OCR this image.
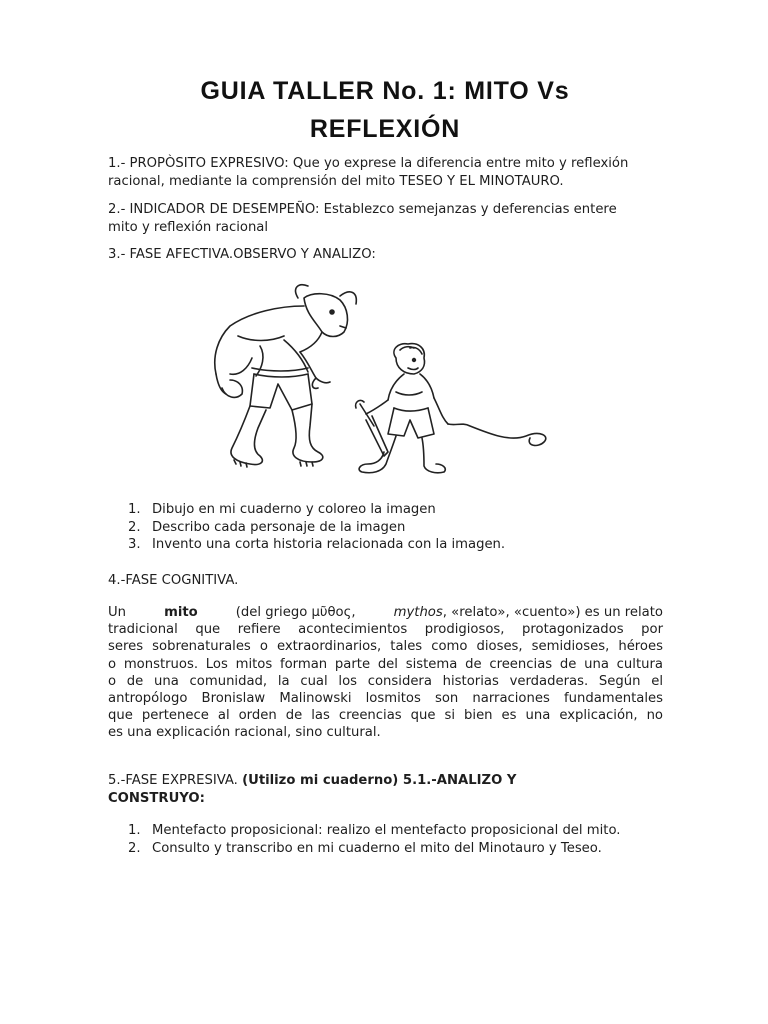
GUIA TALLER No. 1: MITO Vs
REFLEXIÓN

1.- PROPÒSITO EXPRESIVO: Que yo exprese la diferencia entre mito y reflexión
racional, mediante la comprensión del mito TESEO Y EL MINOTAURO.

2.- INDICADOR DE DESEMPEÑO: Establezco semejanzas y deferencias entere
mito y reflexión racional

3.- FASE AFECTIVA.OBSERVO Y ANALIZO:

1. Dibujo en mi cuaderno y coloreo la imagen
2. Describo cada personaje de la imagen
3. Invento una corta historia relacionada con la imagen.

4.-FASE COGNITIVA.

Un	mito	(del griego μῦθος,	mythos, «relato», «cuento») es un relato
tradicional que refiere acontecimientos prodigiosos, protagonizados por
seres sobrenaturales o extraordinarios, tales como dioses, semidioses, héroes
o monstruos. Los mitos forman parte del sistema de creencias de una cultura
o de una comunidad, la cual los considera historias verdaderas. Según el
antropólogo Bronislaw Malinowski losmitos son narraciones fundamentales
que pertenece al orden de las creencias que si bien es una explicación, no
es una explicación racional, sino cultural.

5.-FASE EXPRESIVA. (Utilizo mi cuaderno) 5.1.-ANALIZO Y
CONSTRUYO:

1. Mentefacto proposicional: realizo el mentefacto proposicional del mito.
2. Consulto y transcribo en mi cuaderno el mito del Minotauro y Teseo.
